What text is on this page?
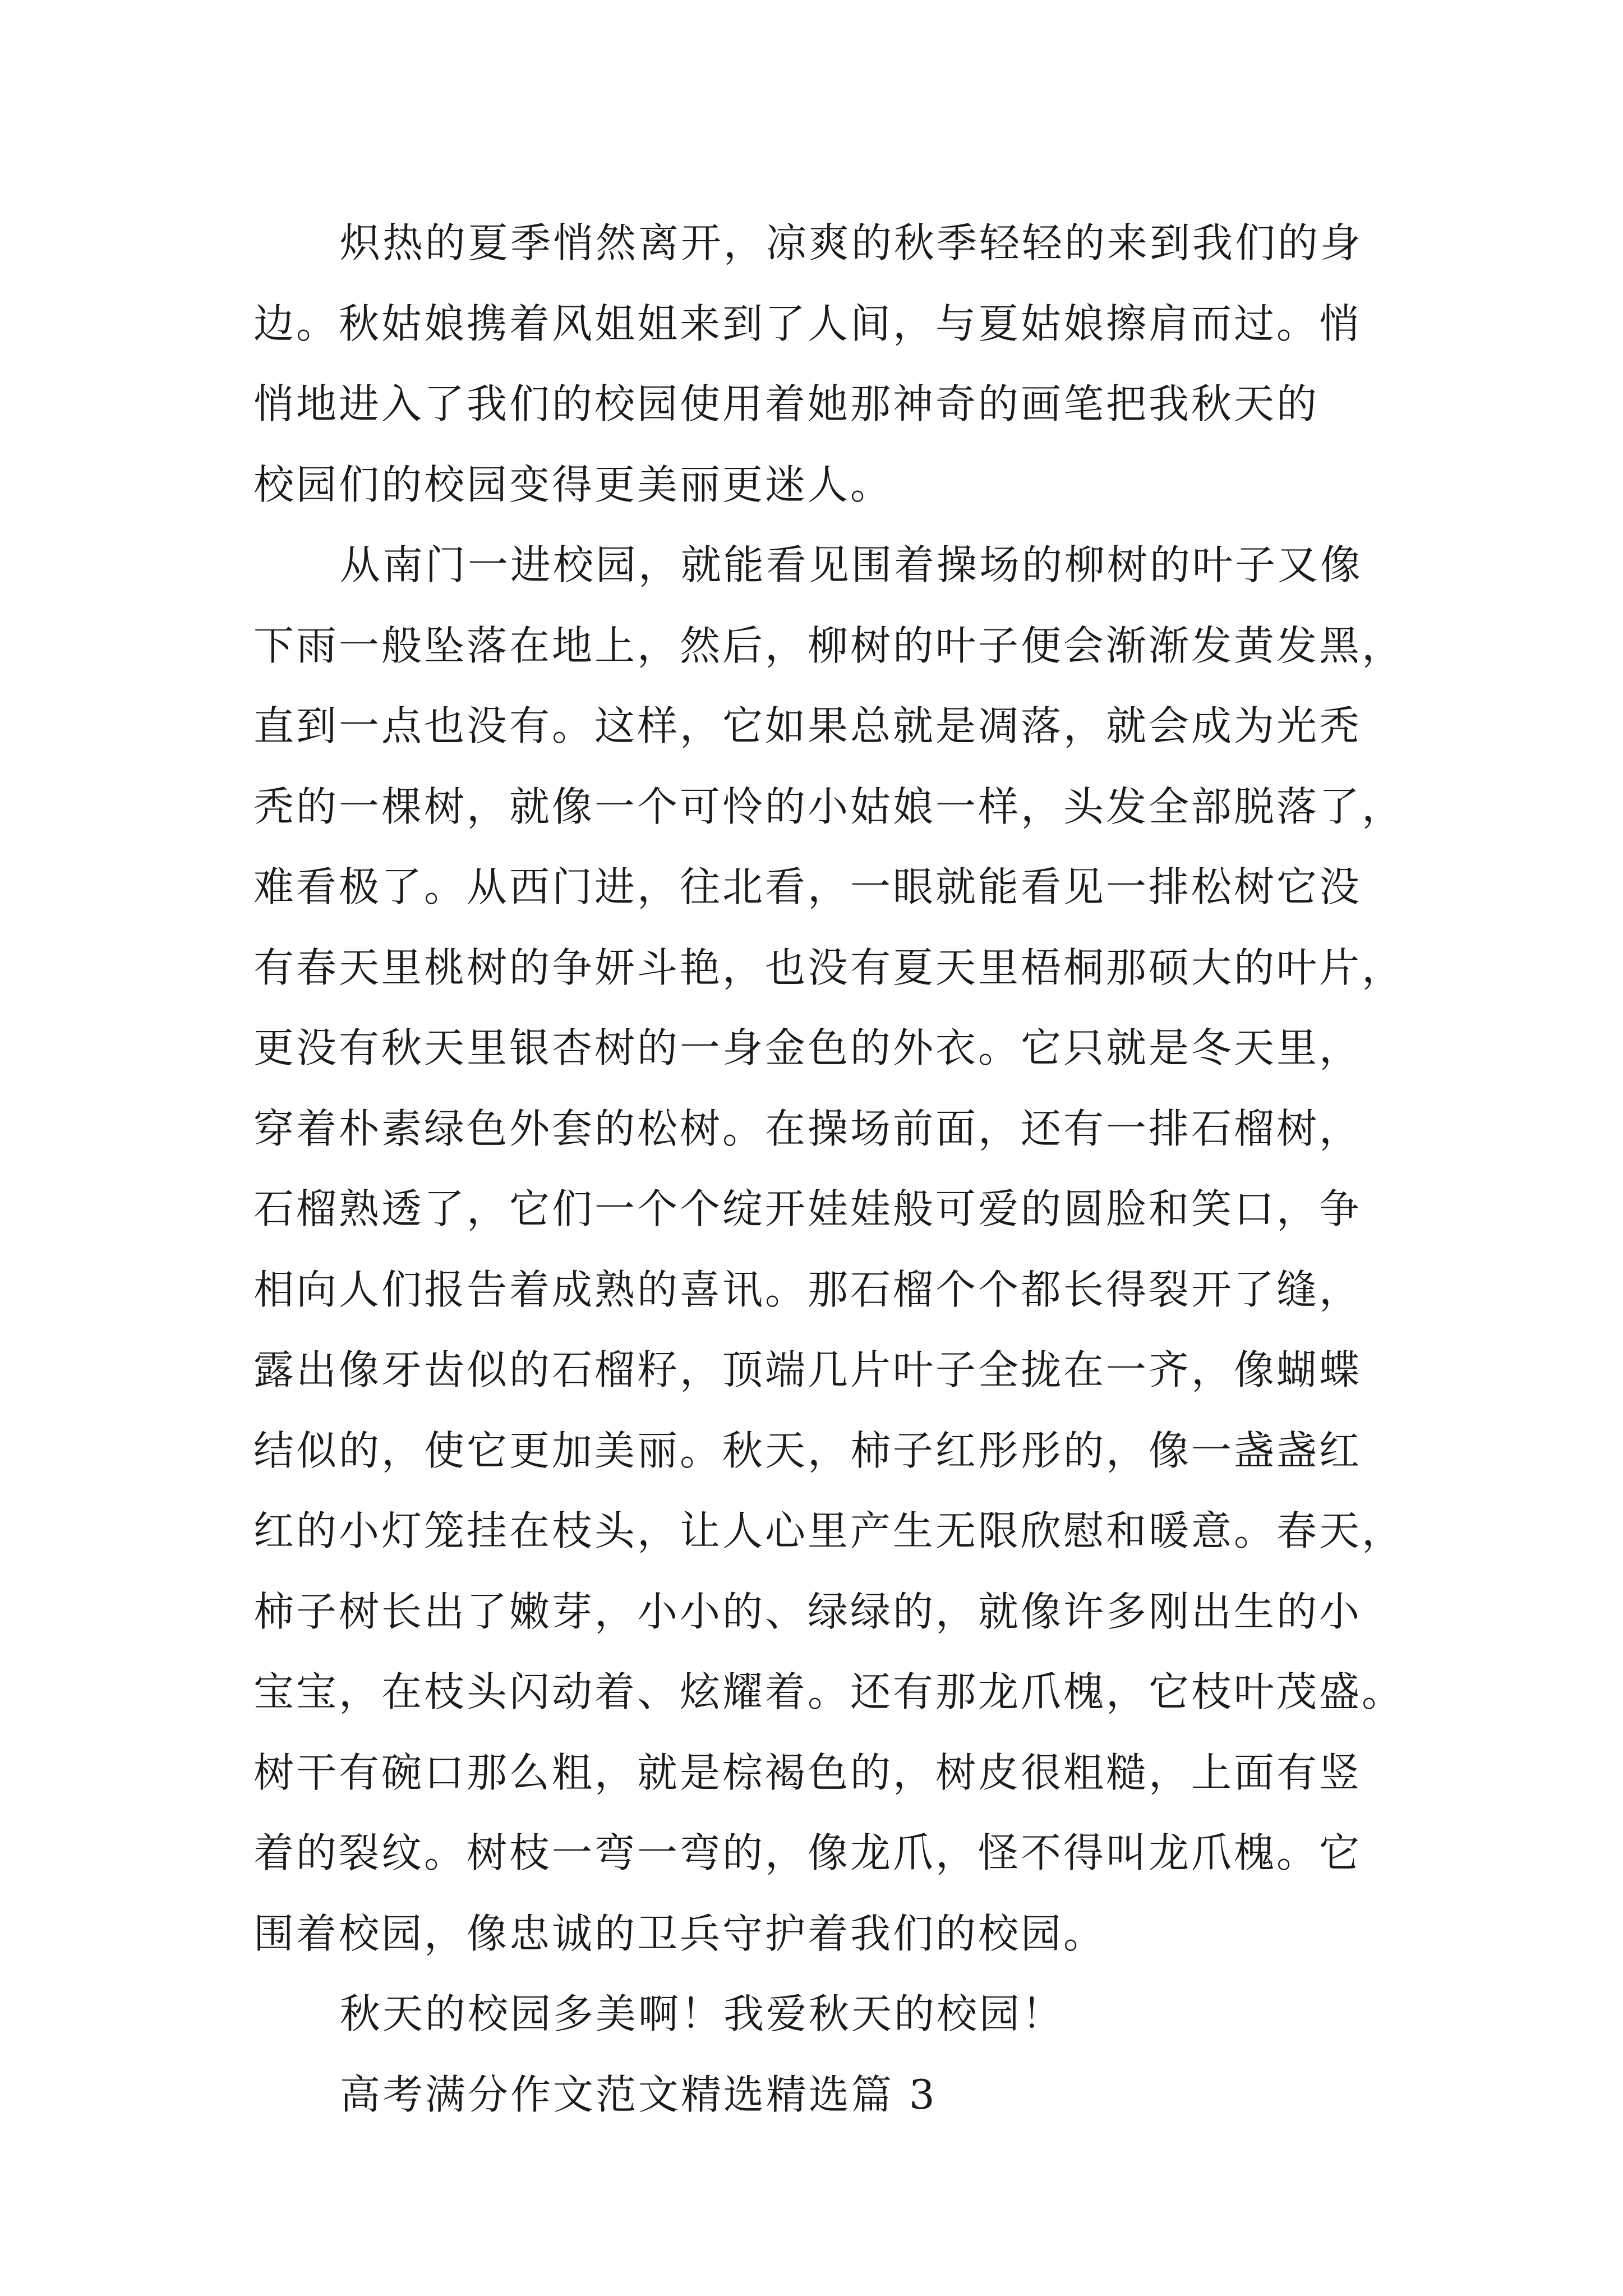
炽热的夏季悄然离开，凉爽的秋季轻轻的来到我们的身
边。秋姑娘携着风姐姐来到了人间，与夏姑娘擦肩而过。悄
悄地进入了我们的校园使用着她那神奇的画笔把我秋天的
校园们的校园变得更美丽更迷人。
从南门一进校园，就能看见围着操场的柳树的叶子又像
下雨一般坠落在地上，然后，柳树的叶子便会渐渐发黄发黑，
直到一点也没有。这样，它如果总就是凋落，就会成为光秃
秃的一棵树，就像一个可怜的小姑娘一样，头发全部脱落了，
难看极了。从西门进，往北看，一眼就能看见一排松树它没
有春天里桃树的争妍斗艳，也没有夏天里梧桐那硕大的叶片，
更没有秋天里银杏树的一身金色的外衣。它只就是冬天里，
穿着朴素绿色外套的松树。在操场前面，还有一排石榴树，
石榴熟透了，它们一个个绽开娃娃般可爱的圆脸和笑口，争
相向人们报告着成熟的喜讯。那石榴个个都长得裂开了缝，
露出像牙齿似的石榴籽，顶端几片叶子全拢在一齐，像蝴蝶
结似的，使它更加美丽。秋天，柿子红彤彤的，像一盏盏红
红的小灯笼挂在枝头，让人心里产生无限欣慰和暖意。春天，
柿子树长出了嫩芽，小小的、绿绿的，就像许多刚出生的小
宝宝，在枝头闪动着、炫耀着。还有那龙爪槐，它枝叶茂盛。
树干有碗口那么粗，就是棕褐色的，树皮很粗糙，上面有竖
着的裂纹。树枝一弯一弯的，像龙爪，怪不得叫龙爪槐。它
围着校园，像忠诚的卫兵守护着我们的校园。
秋天的校园多美啊！我爱秋天的校园！
高考满分作文范文精选精选篇 3
